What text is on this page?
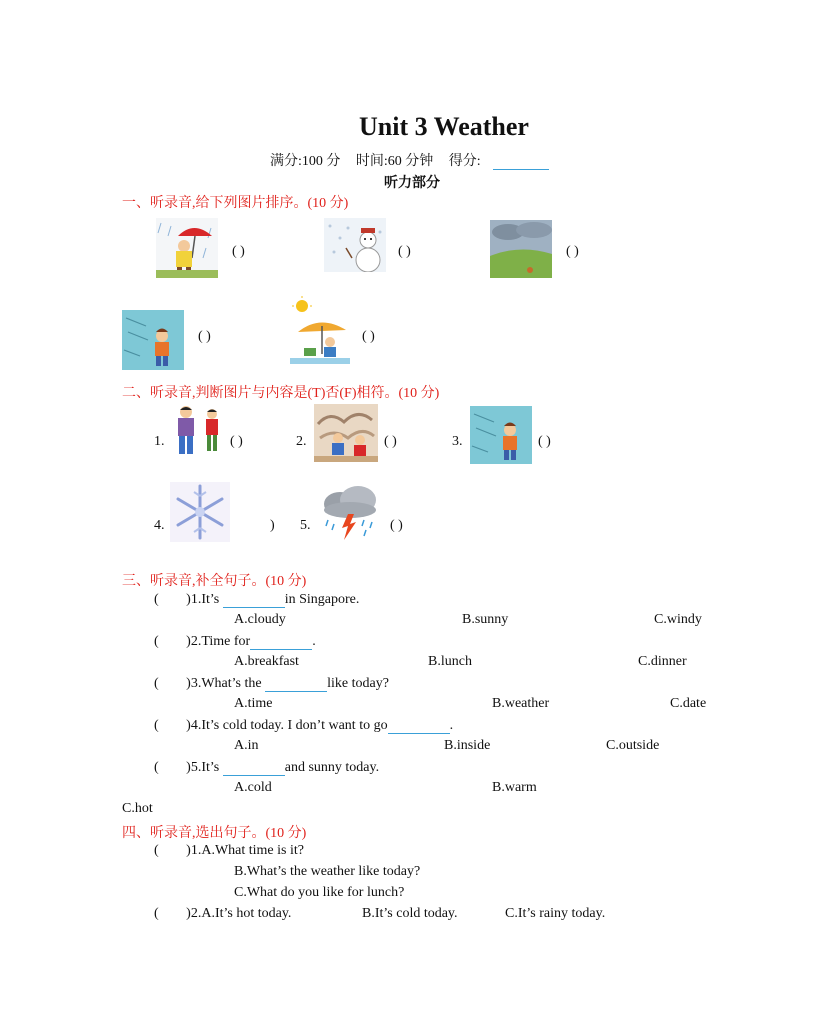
Unit 3 Weather
满分:100 分 时间:60 分钟 得分:
听力部分
一、听录音,给下列图片排序。(10 分)
( )	( )	( )
( )	( )
二、听录音,判断图片与内容是(T)否(F)相符。(10 分)
1.	( )	2.	( )	3.	( )
4.	) 5.	( )
三、听录音,补全句子。(10 分)
( )1.It’s	in Singapore.
A.cloudy	B.sunny	C.windy
( )2.Time for	.
A.breakfast	B.lunch	C.dinner
( )3.What’s the	like today?
A.time	B.weather	C.date
( )4.It’s cold today. I don’t want to go	.
A.in	B.inside	C.outside
( )5.It’s	and sunny today.
A.cold	B.warm
C.hot
四、听录音,选出句子。(10 分)
( )1.A.What time is it?
B.What’s the weather like today?
C.What do you like for lunch?
( )2.A.It’s hot today.	B.It’s cold today.	C.It’s rainy today.
